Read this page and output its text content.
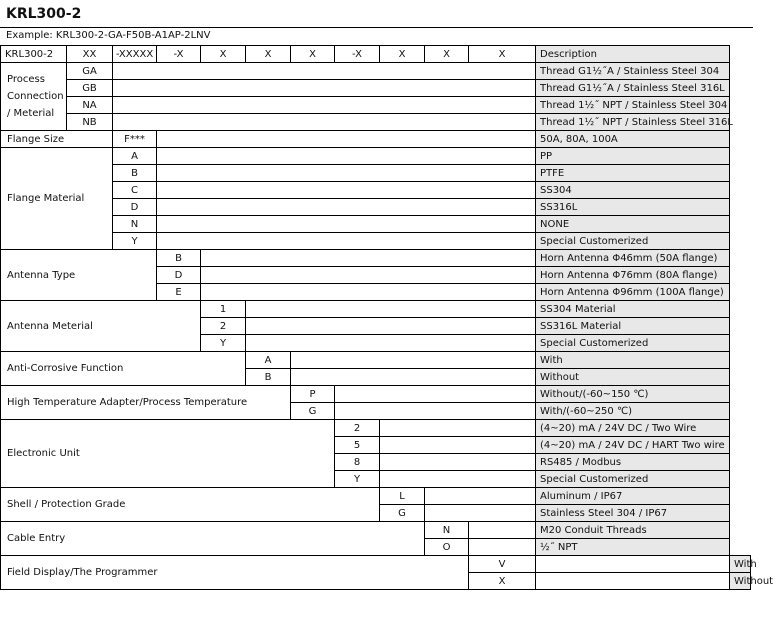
KRL300-2
Example: KRL300-2-GA-F50B-A1AP-2LNV
KRL300-2	XX	-XXXXX	-X	X	X	X	-X	X	X	X	Description	
Process Connection / Meterial	GA										Thread G1½˝A / Stainless Steel 304	
	GB										Thread G1½˝A / Stainless Steel 316L	
	NA										Thread 1½˝ NPT / Stainless Steel 304	
	NB										Thread 1½˝ NPT / Stainless Steel 316L	
Flange Size		F***									50A, 80A, 100A	
Flange Material		A									PP	
		B									PTFE	
		C									SS304	
		D									SS316L	
		N									NONE	
		Y									Special Customerized	
Antenna Type			B								Horn Antenna Φ46mm (50A flange)	
			D								Horn Antenna Φ76mm (80A flange)	
			E								Horn Antenna Φ96mm (100A flange)	
Antenna Meterial				1							SS304 Material	
				2							SS316L Material	
				Y							Special Customerized	
Anti-Corrosive Function					A						With	
					B						Without	
High Temperature Adapter/Process Temperature						P					Without/(-60~150 ℃)	
						G					With/(-60~250 ℃)	
Electronic Unit							2				(4~20) mA / 24V DC / Two Wire	
							5				(4~20) mA / 24V DC / HART Two wire	
							8				RS485 / Modbus	
							Y				Special Customerized	
Shell / Protection Grade								L			Aluminum / IP67	
								G			Stainless Steel 304 / IP67	
Cable Entry									N		M20 Conduit Threads	
									O		½˝ NPT	
Field Display/The Programmer										V		With
										X		Without
